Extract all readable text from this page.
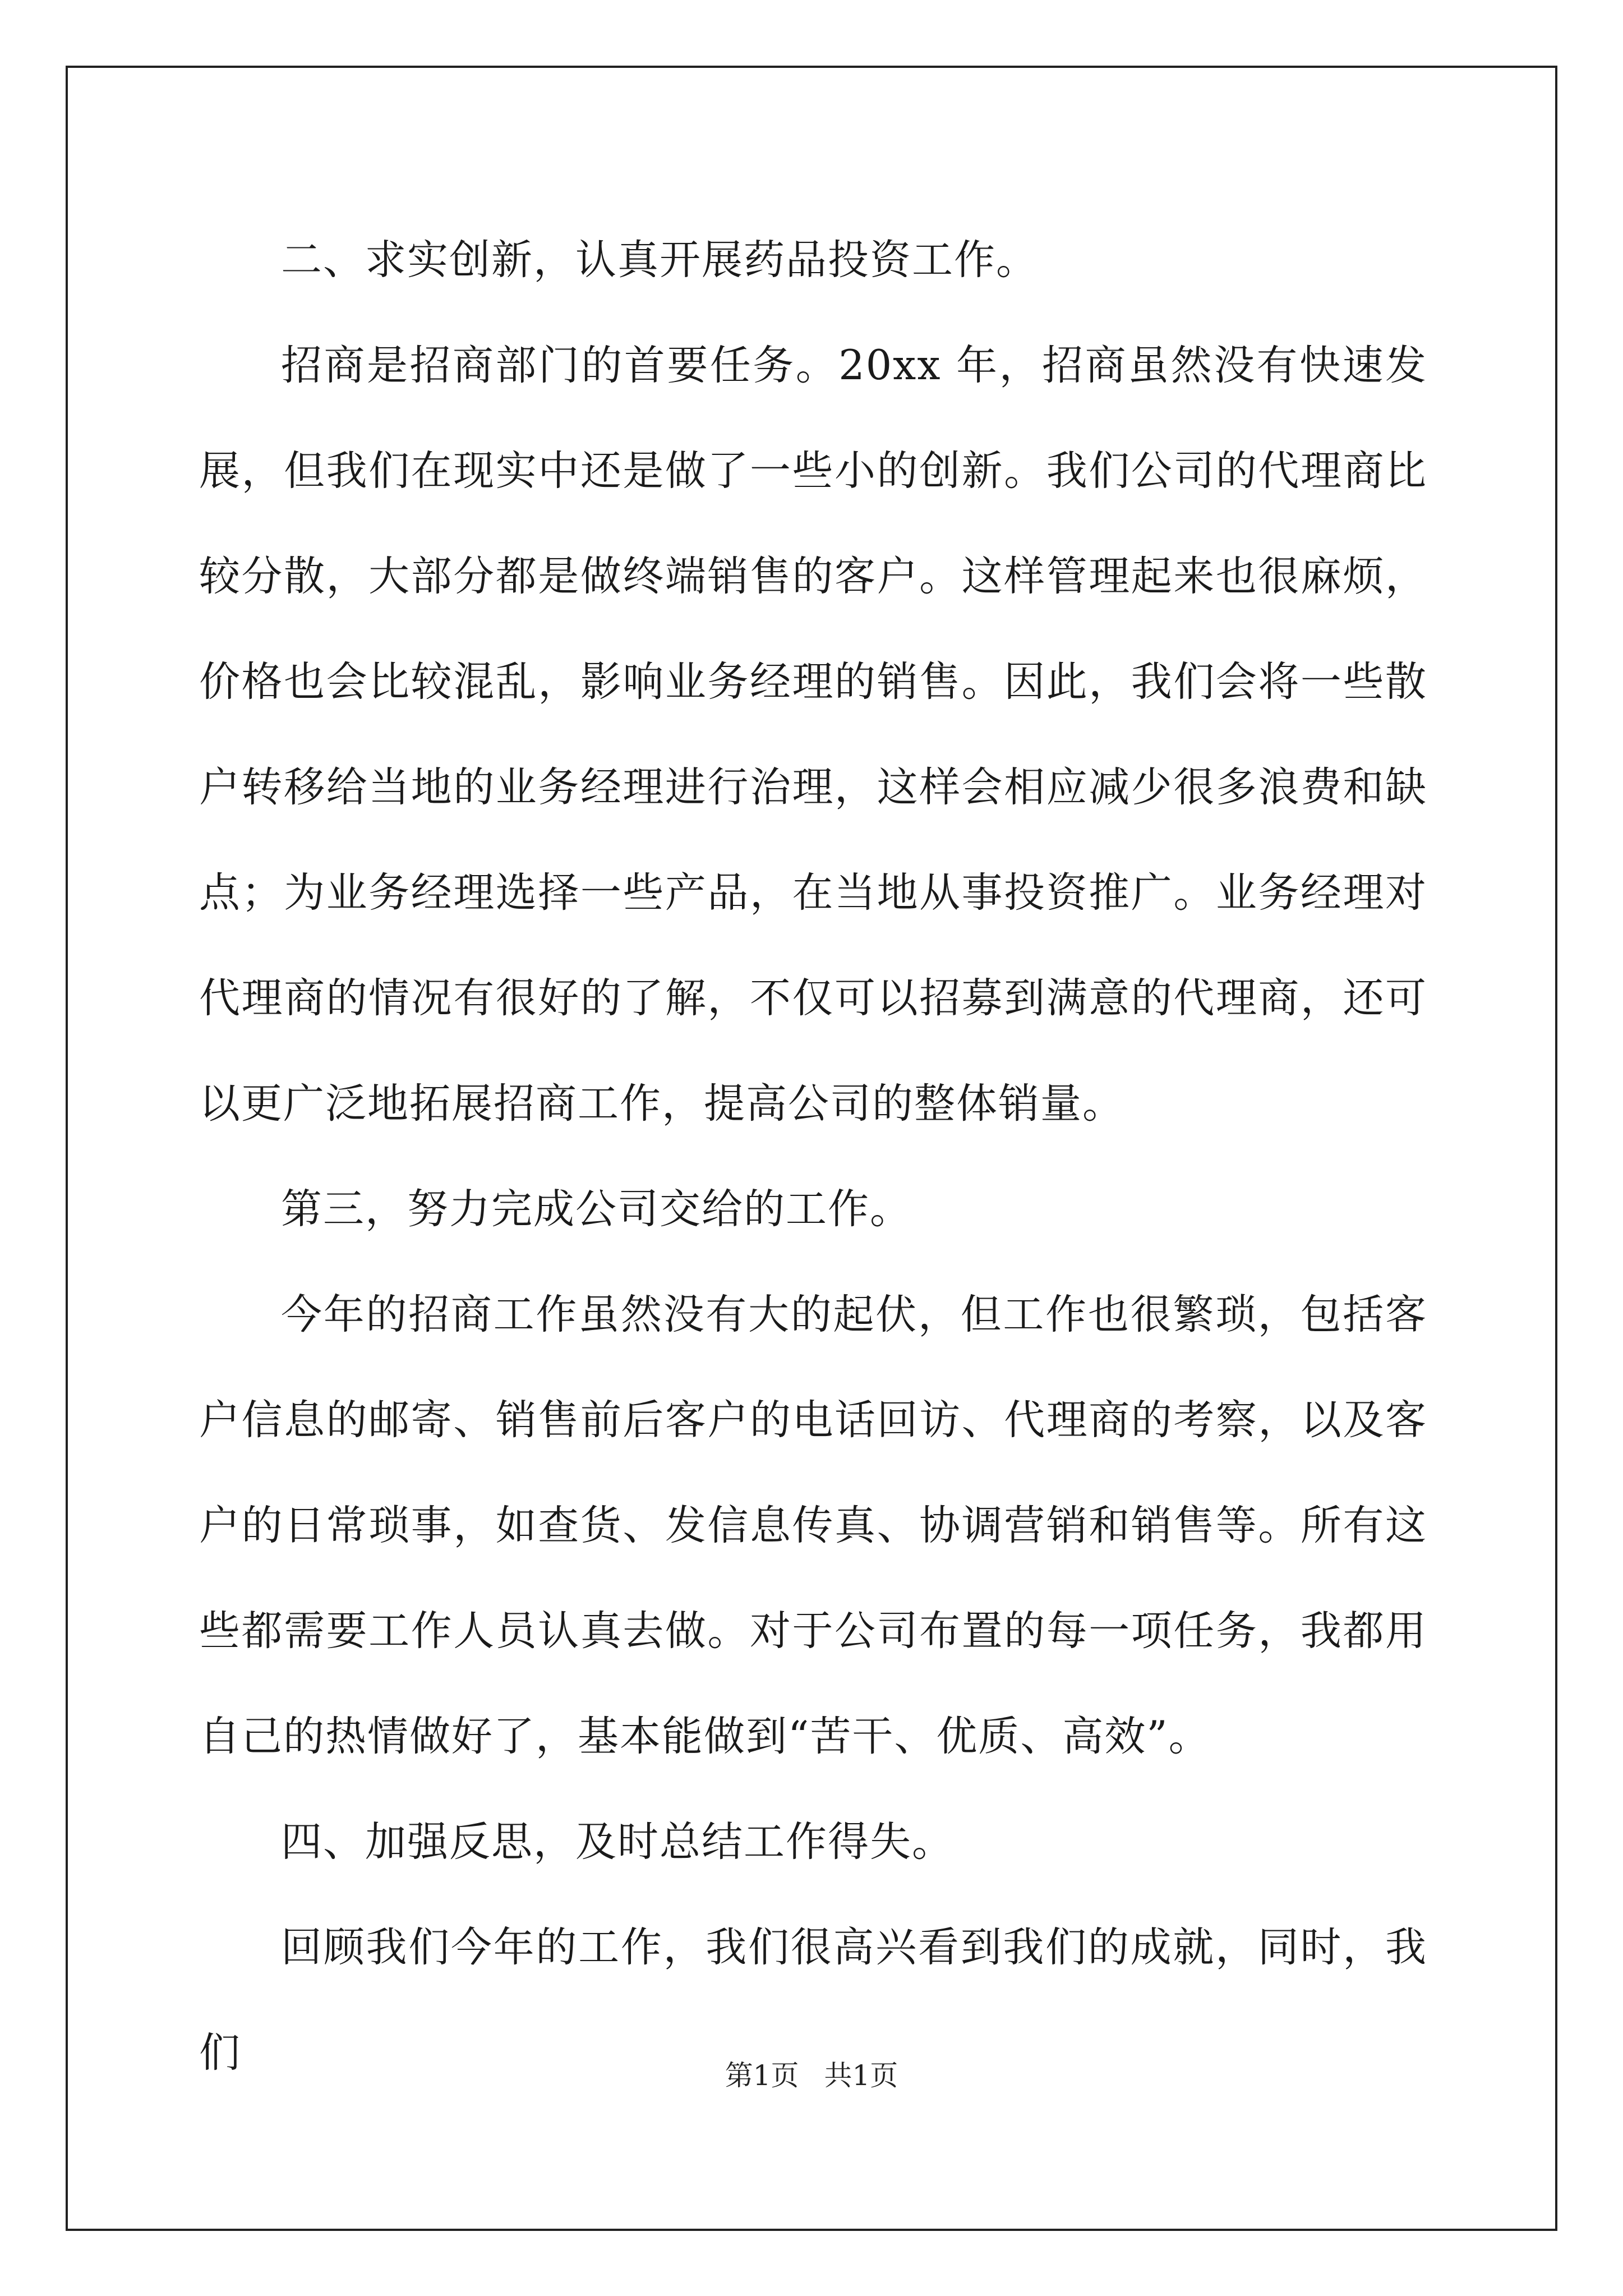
二、求实创新，认真开展药品投资工作。

招商是招商部门的首要任务。20xx 年，招商虽然没有快速发展，但我们在现实中还是做了一些小的创新。我们公司的代理商比较分散，大部分都是做终端销售的客户。这样管理起来也很麻烦，价格也会比较混乱，影响业务经理的销售。因此，我们会将一些散户转移给当地的业务经理进行治理，这样会相应减少很多浪费和缺点；为业务经理选择一些产品，在当地从事投资推广。业务经理对代理商的情况有很好的了解，不仅可以招募到满意的代理商，还可以更广泛地拓展招商工作，提高公司的整体销量。

第三，努力完成公司交给的工作。

今年的招商工作虽然没有大的起伏，但工作也很繁琐，包括客户信息的邮寄、销售前后客户的电话回访、代理商的考察，以及客户的日常琐事，如查货、发信息传真、协调营销和销售等。所有这些都需要工作人员认真去做。对于公司布置的每一项任务，我都用自己的热情做好了，基本能做到“苦干、优质、高效”。

四、加强反思，及时总结工作得失。

回顾我们今年的工作，我们很高兴看到我们的成就，同时，我们	第1页 共1页
